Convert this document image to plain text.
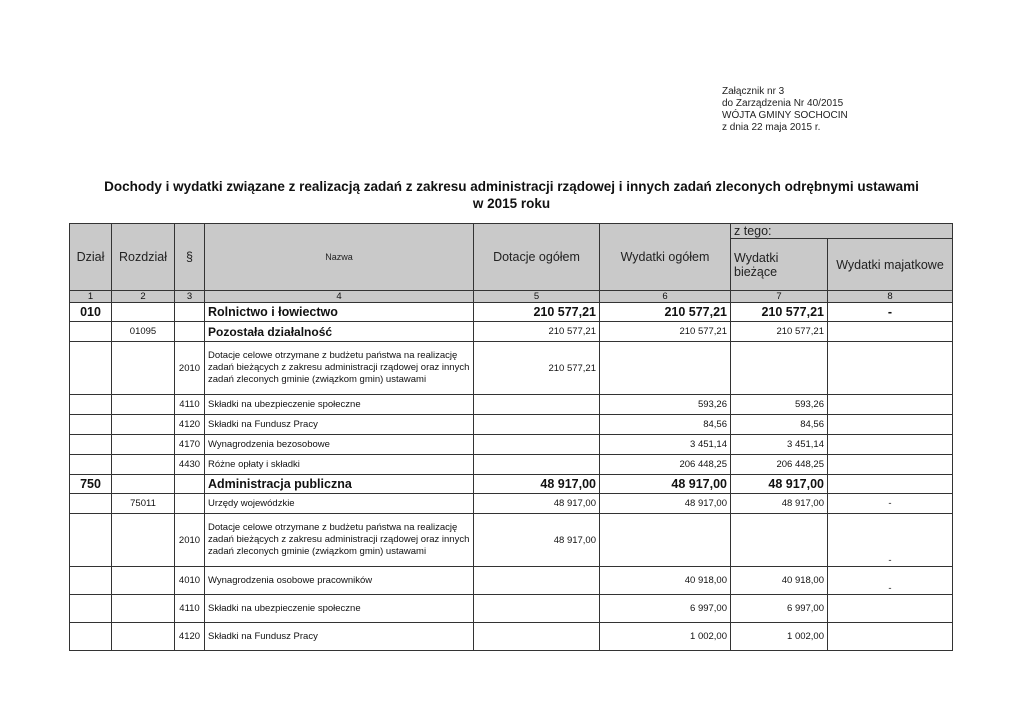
Załącznik nr 3
do Zarządzenia Nr 40/2015
WÓJTA GMINY SOCHOCIN
z dnia 22 maja 2015 r.
Dochody i wydatki związane z realizacją zadań z zakresu administracji rządowej i innych zadań zleconych odrębnymi ustawami
w 2015 roku
Dział	Rozdział	§	Nazwa	Dotacje ogółem	Wydatki ogółem	z tego:	
						Wydatki bieżące	Wydatki majatkowe
1	2	3	4	5	6	7	8
010			Rolnictwo i łowiectwo	210 577,21	210 577,21	210 577,21	-
	01095		Pozostała działalność	210 577,21	210 577,21	210 577,21	
		2010	Dotacje celowe otrzymane z budżetu państwa na realizację zadań bieżących z zakresu administracji rządowej oraz innych zadań zleconych gminie (związkom gmin) ustawami	210 577,21			
		4110	Składki na ubezpieczenie społeczne		593,26	593,26	
		4120	Składki na Fundusz Pracy		84,56	84,56	
		4170	Wynagrodzenia bezosobowe		3 451,14	3 451,14	
		4430	Różne opłaty i składki		206 448,25	206 448,25	
750			Administracja publiczna	48 917,00	48 917,00	48 917,00	
	75011		Urzędy wojewódzkie	48 917,00	48 917,00	48 917,00	-
		2010	Dotacje celowe otrzymane z budżetu państwa na realizację zadań bieżących z zakresu administracji rządowej oraz innych zadań zleconych gminie (związkom gmin) ustawami	48 917,00			-
		4010	Wynagrodzenia osobowe pracowników		40 918,00	40 918,00	-
		4110	Składki na ubezpieczenie społeczne		6 997,00	6 997,00	
		4120	Składki na Fundusz Pracy		1 002,00	1 002,00	
